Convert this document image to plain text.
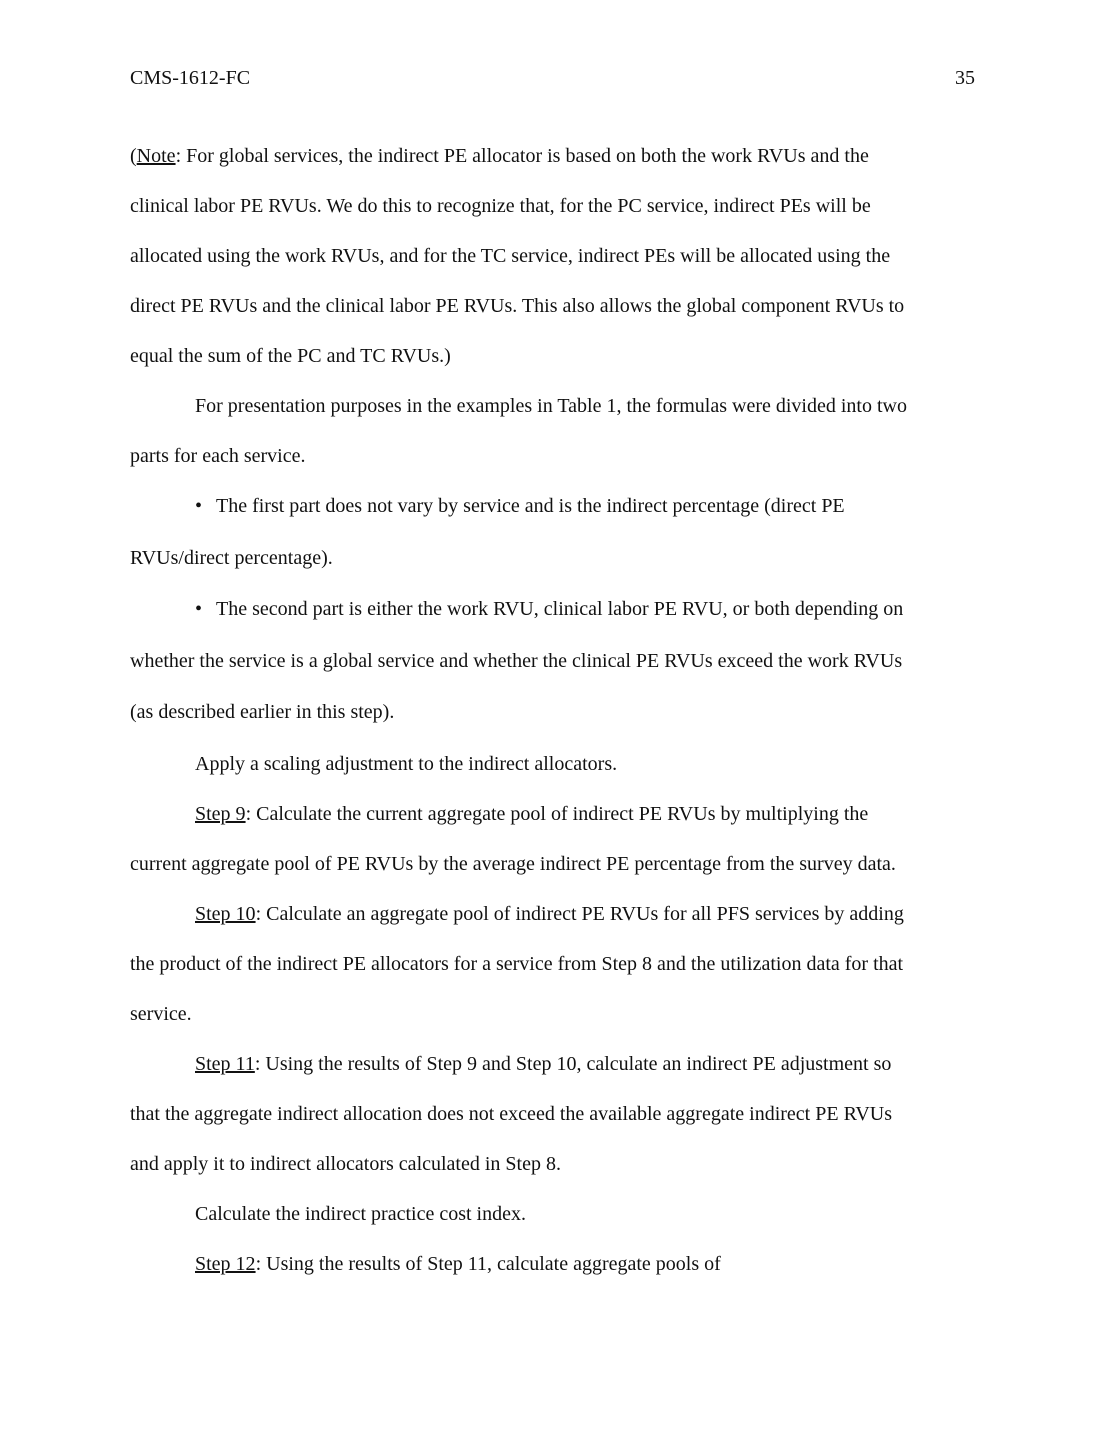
CMS-1612-FC	35

(Note: For global services, the indirect PE allocator is based on both the work RVUs and the clinical labor PE RVUs. We do this to recognize that, for the PC service, indirect PEs will be allocated using the work RVUs, and for the TC service, indirect PEs will be allocated using the direct PE RVUs and the clinical labor PE RVUs. This also allows the global component RVUs to equal the sum of the PC and TC RVUs.)

For presentation purposes in the examples in Table 1, the formulas were divided into two parts for each service.

• The first part does not vary by service and is the indirect percentage (direct PE RVUs/direct percentage).

• The second part is either the work RVU, clinical labor PE RVU, or both depending on whether the service is a global service and whether the clinical PE RVUs exceed the work RVUs (as described earlier in this step).

Apply a scaling adjustment to the indirect allocators.

Step 9: Calculate the current aggregate pool of indirect PE RVUs by multiplying the current aggregate pool of PE RVUs by the average indirect PE percentage from the survey data.

Step 10: Calculate an aggregate pool of indirect PE RVUs for all PFS services by adding the product of the indirect PE allocators for a service from Step 8 and the utilization data for that service.

Step 11: Using the results of Step 9 and Step 10, calculate an indirect PE adjustment so that the aggregate indirect allocation does not exceed the available aggregate indirect PE RVUs and apply it to indirect allocators calculated in Step 8.

Calculate the indirect practice cost index.

Step 12: Using the results of Step 11, calculate aggregate pools of
